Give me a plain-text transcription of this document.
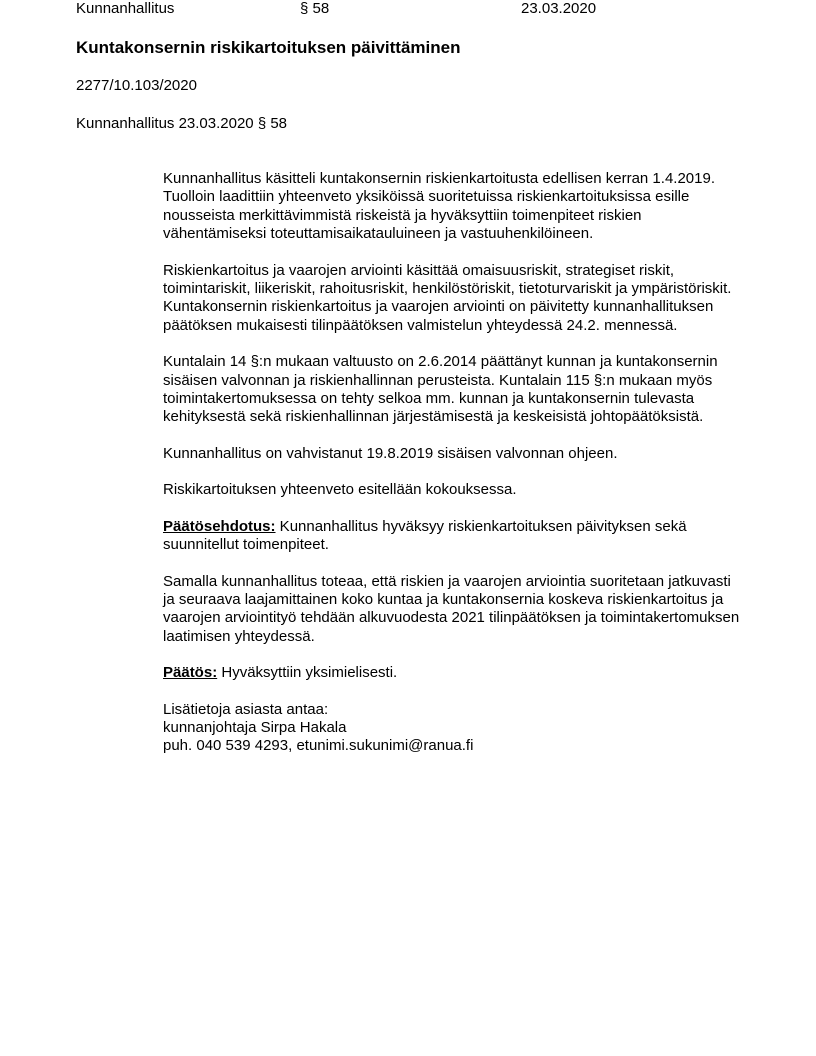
Kunnanhallitus	§ 58	23.03.2020
Kuntakonsernin riskikartoituksen päivittäminen
2277/10.103/2020
Kunnanhallitus 23.03.2020 § 58

Kunnanhallitus käsitteli kuntakonsernin riskienkartoitusta edellisen kerran 1.4.2019. Tuolloin laadittiin yhteenveto yksiköissä suoritetuissa riskienkartoituksissa esille nousseista merkittävimmistä riskeistä ja hyväksyttiin toimenpiteet riskien vähentämiseksi toteuttamisaikatauluineen ja vastuuhenkilöineen.

Riskienkartoitus ja vaarojen arviointi käsittää omaisuusriskit, strategiset riskit, toimintariskit, liikeriskit, rahoitusriskit, henkilöstöriskit, tietoturvariskit ja ympäristöriskit. Kuntakonsernin riskienkartoitus ja vaarojen arviointi on päivitetty kunnanhallituksen päätöksen mukaisesti tilinpäätöksen valmistelun yhteydessä 24.2. mennessä.

Kuntalain 14 §:n mukaan valtuusto on 2.6.2014 päättänyt kunnan ja kuntakonsernin sisäisen valvonnan ja riskienhallinnan perusteista. Kuntalain 115 §:n mukaan myös toimintakertomuksessa on tehty selkoa mm. kunnan ja kuntakonsernin tulevasta kehityksestä sekä riskienhallinnan järjestämisestä ja keskeisistä johtopäätöksistä.

Kunnanhallitus on vahvistanut 19.8.2019 sisäisen valvonnan ohjeen.

Riskikartoituksen yhteenveto esitellään kokouksessa.

Päätösehdotus: Kunnanhallitus hyväksyy riskienkartoituksen päivityksen sekä suunnitellut toimenpiteet.

Samalla kunnanhallitus toteaa, että riskien ja vaarojen arviointia suoritetaan jatkuvasti ja seuraava laajamittainen koko kuntaa ja kuntakonsernia koskeva riskienkartoitus ja vaarojen arviointityö tehdään alkuvuodesta 2021 tilinpäätöksen ja toimintakertomuksen laatimisen yhteydessä.

Päätös: Hyväksyttiin yksimielisesti.

Lisätietoja asiasta antaa:
kunnanjohtaja Sirpa Hakala
puh. 040 539 4293, etunimi.sukunimi@ranua.fi
